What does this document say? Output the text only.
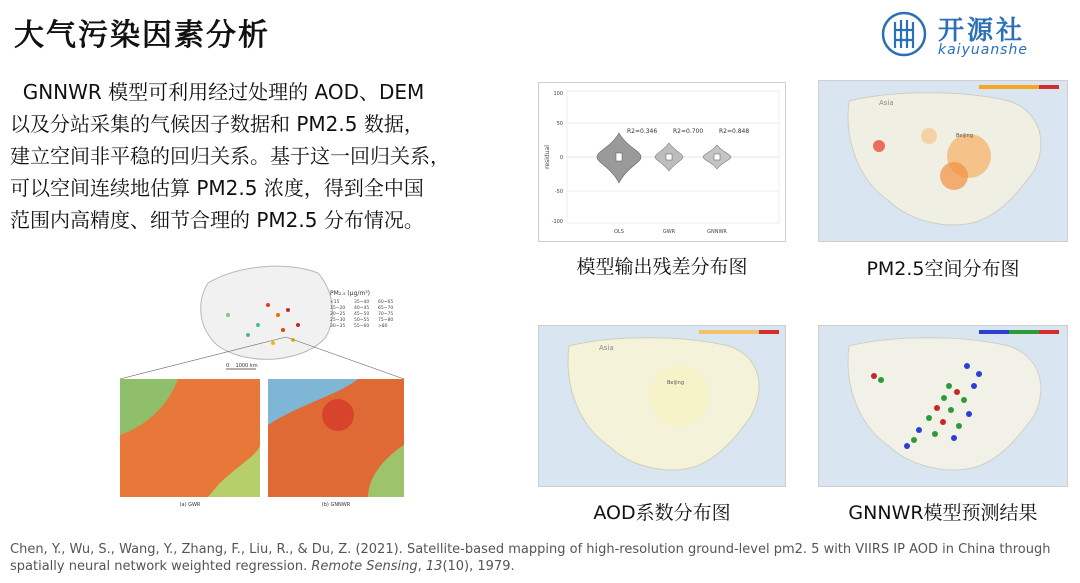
大气污染因素分析	开源社
kaiyuanshe
GNNWR 模型可利用经过处理的 AOD、DEM
以及分站采集的气候因子数据和 PM2.5 数据，
建立空间非平稳的回归关系。基于这一回归关系，
可以空间连续地估算 PM2.5 浓度，得到全中国
范围内高精度、细节合理的 PM2.5 分布情况。
100
50
0
-50
-100
residual
R2=0.346	R2=0.700	R2=0.848
OLS	GWR	GNNWR
模型输出残差分布图
Asia
Beijing
PM2.5空间分布图
Asia
Beijing
AOD系数分布图	GNNWR模型预测结果
PM₂.₅ (μg/m³)
<15
15~20
20~25
25~30
30~35
35~40
40~45
45~50
50~55
55~60
60~65
65~70
70~75
75~80
>80
0    1000 km
(a) GWR	(b) GNNWR
Chen, Y., Wu, S., Wang, Y., Zhang, F., Liu, R., & Du, Z. (2021). Satellite-based mapping of high-resolution ground-level pm2. 5 with VIIRS IP AOD in China through spatially neural network weighted regression. Remote Sensing, 13(10), 1979.
